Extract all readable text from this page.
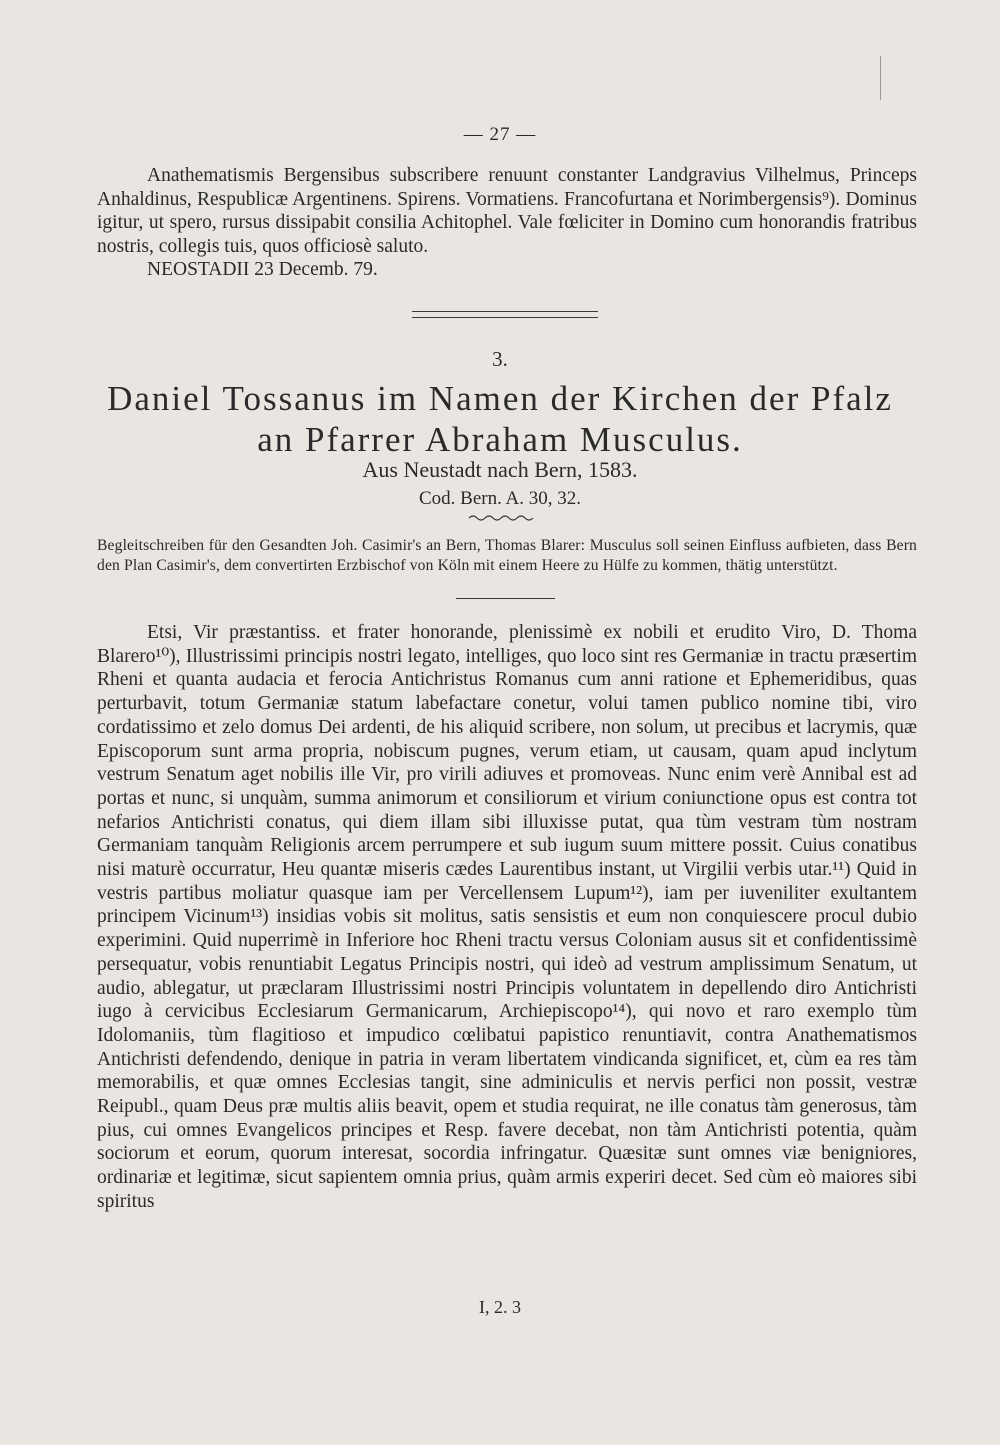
— 27 —

Anathematismis Bergensibus subscribere renuunt constanter Landgravius Vilhelmus, Princeps Anhaldinus, Respublicæ Argentinens. Spirens. Vormatiens. Francofurtana et Norimbergensis⁹). Dominus igitur, ut spero, rursus dissipabit consilia Achitophel. Vale fœliciter in Domino cum honorandis fratribus nostris, collegis tuis, quos officiosè saluto.

NEOSTADII 23 Decemb. 79.

3.

Daniel Tossanus im Namen der Kirchen der Pfalz
an Pfarrer Abraham Musculus.

Aus Neustadt nach Bern, 1583.

Cod. Bern. A. 30, 32.

Begleitschreiben für den Gesandten Joh. Casimir's an Bern, Thomas Blarer: Musculus soll seinen Einfluss aufbieten, dass Bern den Plan Casimir's, dem convertirten Erzbischof von Köln mit einem Heere zu Hülfe zu kommen, thätig unterstützt.

Etsi, Vir præstantiss. et frater honorande, plenissimè ex nobili et erudito Viro, D. Thoma Blarero¹⁰), Illustrissimi principis nostri legato, intelliges, quo loco sint res Germaniæ in tractu præsertim Rheni et quanta audacia et ferocia Antichristus Romanus cum anni ratione et Ephemeridibus, quas perturbavit, totum Germaniæ statum labefactare conetur, volui tamen publico nomine tibi, viro cordatissimo et zelo domus Dei ardenti, de his aliquid scribere, non solum, ut precibus et lacrymis, quæ Episcoporum sunt arma propria, nobiscum pugnes, verum etiam, ut causam, quam apud inclytum vestrum Senatum aget nobilis ille Vir, pro virili adiuves et promoveas. Nunc enim verè Annibal est ad portas et nunc, si unquàm, summa animorum et consiliorum et virium coniunctione opus est contra tot nefarios Antichristi conatus, qui diem illam sibi illuxisse putat, qua tùm vestram tùm nostram Germaniam tanquàm Religionis arcem perrumpere et sub iugum suum mittere possit. Cuius conatibus nisi maturè occurratur, Heu quantæ miseris cædes Laurentibus instant, ut Virgilii verbis utar.¹¹) Quid in vestris partibus moliatur quasque iam per Vercellensem Lupum¹²), iam per iuveniliter exultantem principem Vicinum¹³) insidias vobis sit molitus, satis sensistis et eum non conquiescere procul dubio experimini. Quid nuperrimè in Inferiore hoc Rheni tractu versus Coloniam ausus sit et confidentissimè persequatur, vobis renuntiabit Legatus Principis nostri, qui ideò ad vestrum amplissimum Senatum, ut audio, ablegatur, ut præclaram Illustrissimi nostri Principis voluntatem in depellendo diro Antichristi iugo à cervicibus Ecclesiarum Germanicarum, Archiepiscopo¹⁴), qui novo et raro exemplo tùm Idolomaniis, tùm flagitioso et impudico cœlibatui papistico renuntiavit, contra Anathematismos Antichristi defendendo, denique in patria in veram libertatem vindicanda significet, et, cùm ea res tàm memorabilis, et quæ omnes Ecclesias tangit, sine adminiculis et nervis perfici non possit, vestræ Reipubl., quam Deus præ multis aliis beavit, opem et studia requirat, ne ille conatus tàm generosus, tàm pius, cui omnes Evangelicos principes et Resp. favere decebat, non tàm Antichristi potentia, quàm sociorum et eorum, quorum interesat, socordia infringatur. Quæsitæ sunt omnes viæ benigniores, ordinariæ et legitimæ, sicut sapientem omnia prius, quàm armis experiri decet. Sed cùm eò maiores sibi spiritus

I, 2. 3
